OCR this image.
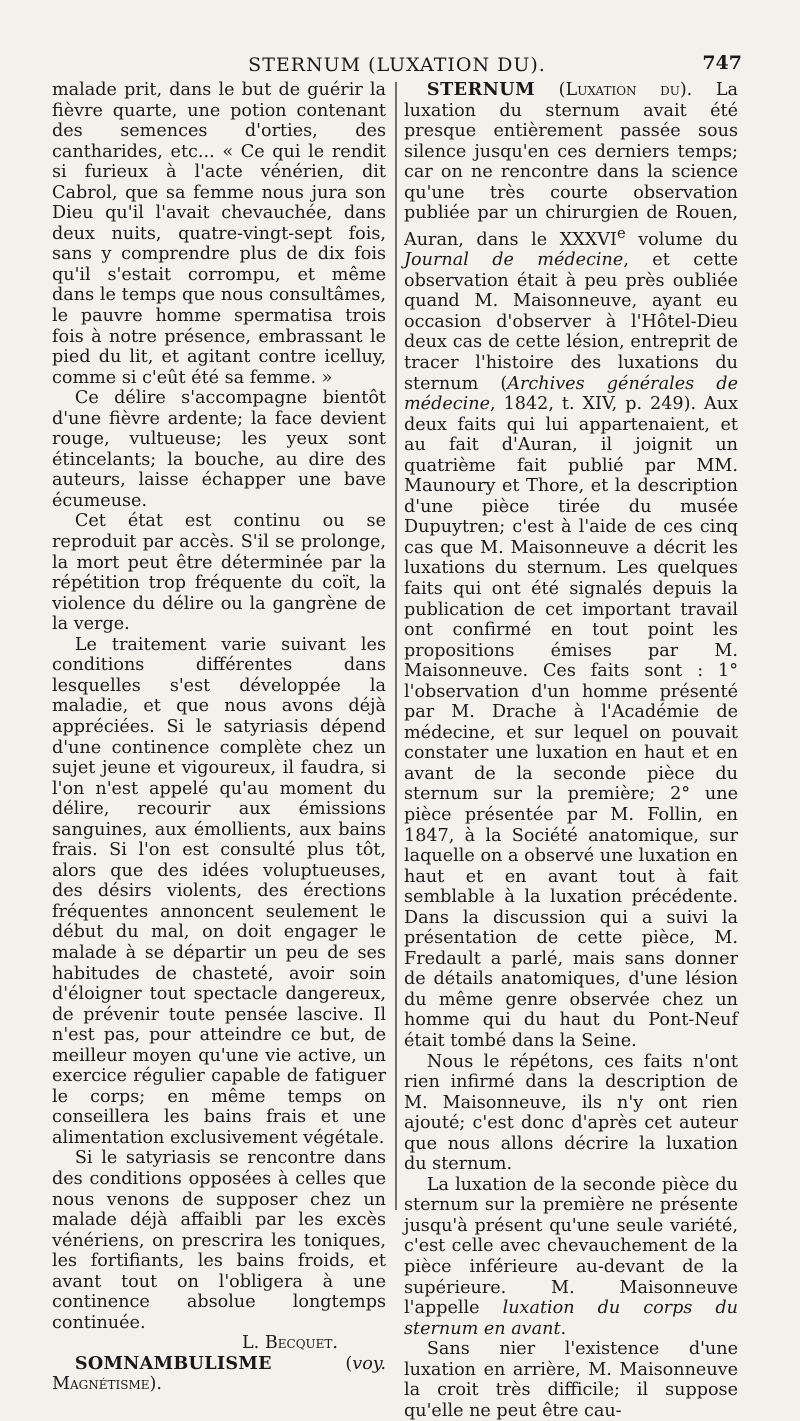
STERNUM (LUXATION DU).	747

malade prit, dans le but de guérir la fièvre quarte, une potion contenant des semences d'orties, des cantharides, etc... « Ce qui le rendit si furieux à l'acte vénérien, dit Cabrol, que sa femme nous jura son Dieu qu'il l'avait chevauchée, dans deux nuits, quatre-vingt-sept fois, sans y comprendre plus de dix fois qu'il s'estait corrompu, et même dans le temps que nous consultâmes, le pauvre homme spermatisa trois fois à notre présence, embrassant le pied du lit, et agitant contre icelluy, comme si c'eût été sa femme. »

Ce délire s'accompagne bientôt d'une fièvre ardente; la face devient rouge, vultueuse; les yeux sont étincelants; la bouche, au dire des auteurs, laisse échapper une bave écumeuse.

Cet état est continu ou se reproduit par accès. S'il se prolonge, la mort peut être déterminée par la répétition trop fréquente du coït, la violence du délire ou la gangrène de la verge.

Le traitement varie suivant les conditions différentes dans lesquelles s'est développée la maladie, et que nous avons déjà appréciées. Si le satyriasis dépend d'une continence complète chez un sujet jeune et vigoureux, il faudra, si l'on n'est appelé qu'au moment du délire, recourir aux émissions sanguines, aux émollients, aux bains frais. Si l'on est consulté plus tôt, alors que des idées voluptueuses, des désirs violents, des érections fréquentes annoncent seulement le début du mal, on doit engager le malade à se départir un peu de ses habitudes de chasteté, avoir soin d'éloigner tout spectacle dangereux, de prévenir toute pensée lascive. Il n'est pas, pour atteindre ce but, de meilleur moyen qu'une vie active, un exercice régulier capable de fatiguer le corps; en même temps on conseillera les bains frais et une alimentation exclusivement végétale.

Si le satyriasis se rencontre dans des conditions opposées à celles que nous venons de supposer chez un malade déjà affaibli par les excès vénériens, on prescrira les toniques, les fortifiants, les bains froids, et avant tout on l'obligera à une continence absolue longtemps continuée.

L. Becquet.

SOMNAMBULISME (voy. Magnétisme).

STERNUM (Luxation du). La luxation du sternum avait été presque entièrement passée sous silence jusqu'en ces derniers temps; car on ne rencontre dans la science qu'une très courte observation publiée par un chirurgien de Rouen, Auran, dans le XXXVIe volume du Journal de médecine, et cette observation était à peu près oubliée quand M. Maisonneuve, ayant eu occasion d'observer à l'Hôtel-Dieu deux cas de cette lésion, entreprit de tracer l'histoire des luxations du sternum (Archives générales de médecine, 1842, t. XIV, p. 249). Aux deux faits qui lui appartenaient, et au fait d'Auran, il joignit un quatrième fait publié par MM. Maunoury et Thore, et la description d'une pièce tirée du musée Dupuytren; c'est à l'aide de ces cinq cas que M. Maisonneuve a décrit les luxations du sternum. Les quelques faits qui ont été signalés depuis la publication de cet important travail ont confirmé en tout point les propositions émises par M. Maisonneuve. Ces faits sont : 1° l'observation d'un homme présenté par M. Drache à l'Académie de médecine, et sur lequel on pouvait constater une luxation en haut et en avant de la seconde pièce du sternum sur la première; 2° une pièce présentée par M. Follin, en 1847, à la Société anatomique, sur laquelle on a observé une luxation en haut et en avant tout à fait semblable à la luxation précédente. Dans la discussion qui a suivi la présentation de cette pièce, M. Fredault a parlé, mais sans donner de détails anatomiques, d'une lésion du même genre observée chez un homme qui du haut du Pont-Neuf était tombé dans la Seine.

Nous le répétons, ces faits n'ont rien infirmé dans la description de M. Maisonneuve, ils n'y ont rien ajouté; c'est donc d'après cet auteur que nous allons décrire la luxation du sternum.

La luxation de la seconde pièce du sternum sur la première ne présente jusqu'à présent qu'une seule variété, c'est celle avec chevauchement de la pièce inférieure au-devant de la supérieure. M. Maisonneuve l'appelle luxation du corps du sternum en avant.

Sans nier l'existence d'une luxation en arrière, M. Maisonneuve la croit très difficile; il suppose qu'elle ne peut être cau-
